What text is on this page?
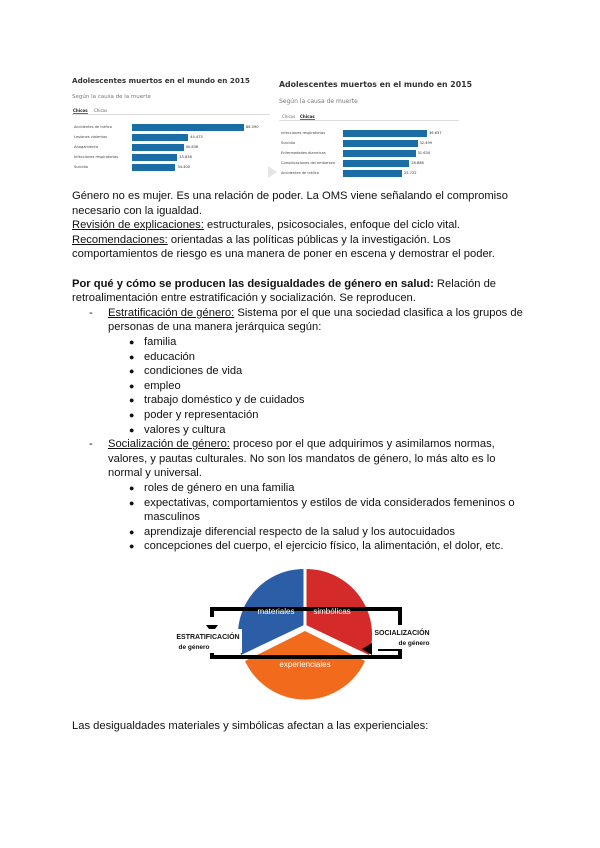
Adolescentes muertos en el mundo en 2015
Según la causa de la muerte
Chicos Chicas
Accidentes de tráfico	88.590
Lesiones violentas	44.475
Ahogamiento	40.836
Infecciones respiratorias	35.836
Suicidio	34.400
Adolescentes muertos en el mundo en 2015
Según la causa de muerte
Chicos Chicas
Infecciones respiratorias	36.637
Suicidio	32.499
Enfermedades diarreicas	31.634
Complicaciones del embarazo	28.886
Accidentes de tráfico	25.722
Género no es mujer. Es una relación de poder. La OMS viene señalando el compromiso
necesario con la igualdad.
Revisión de explicaciones: estructurales, psicosociales, enfoque del ciclo vital.
Recomendaciones: orientadas a las políticas públicas y la investigación. Los
comportamientos de riesgo es una manera de poner en escena y demostrar el poder.
Por qué y cómo se producen las desigualdades de género en salud: Relación de
retroalimentación entre estratificación y socialización. Se reproducen.
- Estratificación de género: Sistema por el que una sociedad clasifica a los grupos de
personas de una manera jerárquica según:
● familia
● educación
● condiciones de vida
● empleo
● trabajo doméstico y de cuidados
● poder y representación
● valores y cultura
- Socialización de género: proceso por el que adquirimos y asimilamos normas,
valores, y pautas culturales. No son los mandatos de género, lo más alto es lo
normal y universal.
● roles de género en una familia
● expectativas, comportamientos y estilos de vida considerados femeninos o
masculinos
● aprendizaje diferencial respecto de la salud y los autocuidados
● concepciones del cuerpo, el ejercicio físico, la alimentación, el dolor, etc.
materiales simbólicas
experienciales
ESTRATIFICACIÓN
de género
SOCIALIZACIÓN
de género
Las desigualdades materiales y simbólicas afectan a las experienciales:
